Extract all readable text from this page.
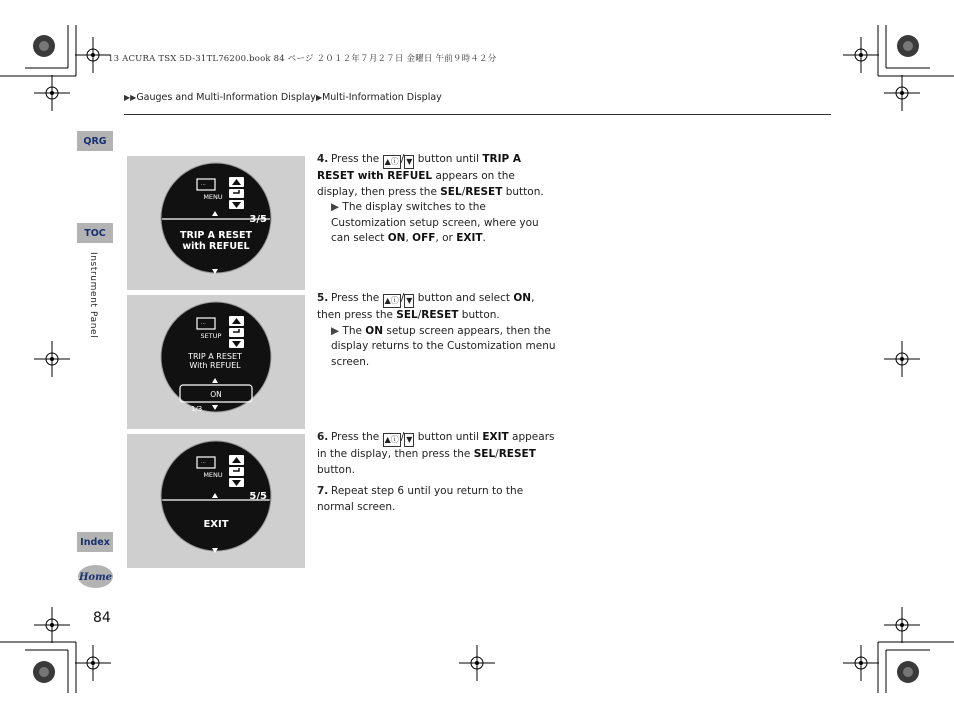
13 ACURA TSX 5D-31TL76200.book 84 ページ ２０１２年７月２７日 金曜日 午前９時４２分
▶▶Gauges and Multi-Information Display▶Multi-Information Display
QRG
TOC
Index
Home
Instrument Panel
84
···
MENU
3/5
TRIP A RESET
with REFUEL
···
SETUP
TRIP A RESET
With REFUEL
ON
1/3
···
MENU
5/5
EXIT
4. Press the ▲ⓘ / ▼ button until TRIP A RESET with REFUEL appears on the display, then press the SEL/RESET button.
▶ The display switches to the Customization setup screen, where you can select ON, OFF, or EXIT.
5. Press the ▲ⓘ / ▼ button and select ON, then press the SEL/RESET button.
▶ The ON setup screen appears, then the display returns to the Customization menu screen.
6. Press the ▲ⓘ / ▼ button until EXIT appears in the display, then press the SEL/RESET button.
7. Repeat step 6 until you return to the normal screen.
